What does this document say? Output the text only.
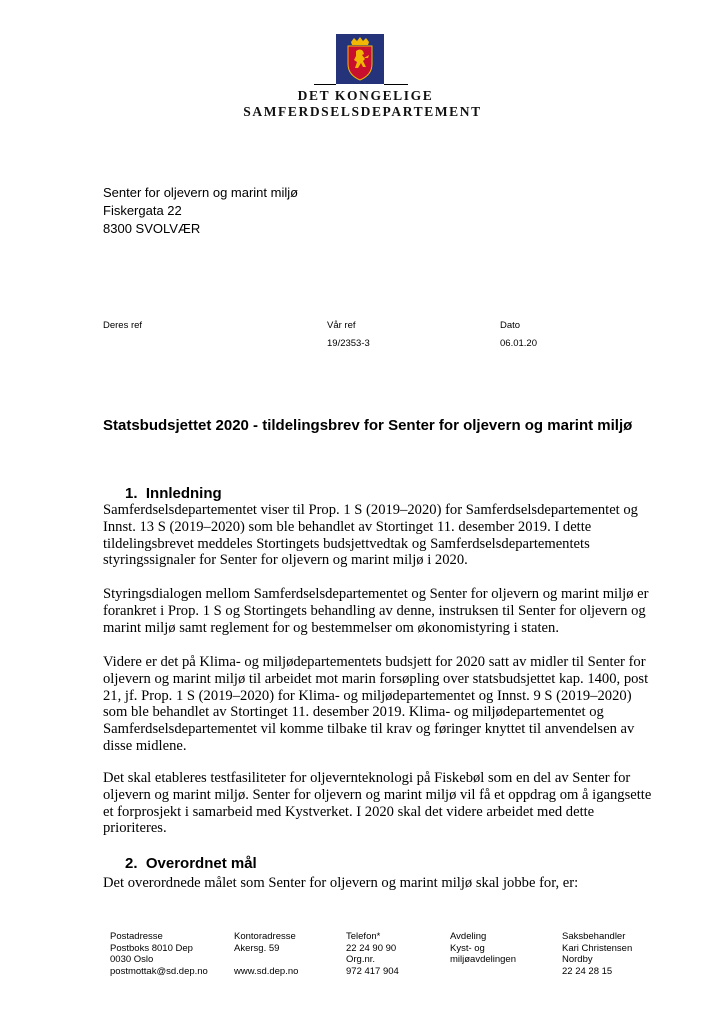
DET KONGELIGE
SAMFERDSELSDEPARTEMENT
Senter for oljevern og marint miljø
Fiskergata 22
8300 SVOLVÆR
Deres ref	Vår ref
19/2353-3
Dato
06.01.20
Statsbudsjettet 2020 - tildelingsbrev for Senter for oljevern og marint miljø
1. Innledning
Samferdselsdepartementet viser til Prop. 1 S (2019–2020) for Samferdselsdepartementet og
Innst. 13 S (2019–2020) som ble behandlet av Stortinget 11. desember 2019. I dette
tildelingsbrevet meddeles Stortingets budsjettvedtak og Samferdselsdepartementets
styringssignaler for Senter for oljevern og marint miljø i 2020.
Styringsdialogen mellom Samferdselsdepartementet og Senter for oljevern og marint miljø er
forankret i Prop. 1 S og Stortingets behandling av denne, instruksen til Senter for oljevern og
marint miljø samt reglement for og bestemmelser om økonomistyring i staten.
Videre er det på Klima- og miljødepartementets budsjett for 2020 satt av midler til Senter for
oljevern og marint miljø til arbeidet mot marin forsøpling over statsbudsjettet kap. 1400, post
21, jf. Prop. 1 S (2019–2020) for Klima- og miljødepartementet og Innst. 9 S (2019–2020)
som ble behandlet av Stortinget 11. desember 2019. Klima- og miljødepartementet og
Samferdselsdepartementet vil komme tilbake til krav og føringer knyttet til anvendelsen av
disse midlene.
Det skal etableres testfasiliteter for oljevernteknologi på Fiskebøl som en del av Senter for
oljevern og marint miljø. Senter for oljevern og marint miljø vil få et oppdrag om å igangsette
et forprosjekt i samarbeid med Kystverket. I 2020 skal det videre arbeidet med dette
prioriteres.
2. Overordnet mål
Det overordnede målet som Senter for oljevern og marint miljø skal jobbe for, er:
Postadresse
Postboks 8010 Dep
0030 Oslo
postmottak@sd.dep.no
Kontoradresse
Akersg. 59
www.sd.dep.no
Telefon*
22 24 90 90
Org.nr.
972 417 904
Avdeling
Kyst- og
miljøavdelingen
Saksbehandler
Kari Christensen
Nordby
22 24 28 15
